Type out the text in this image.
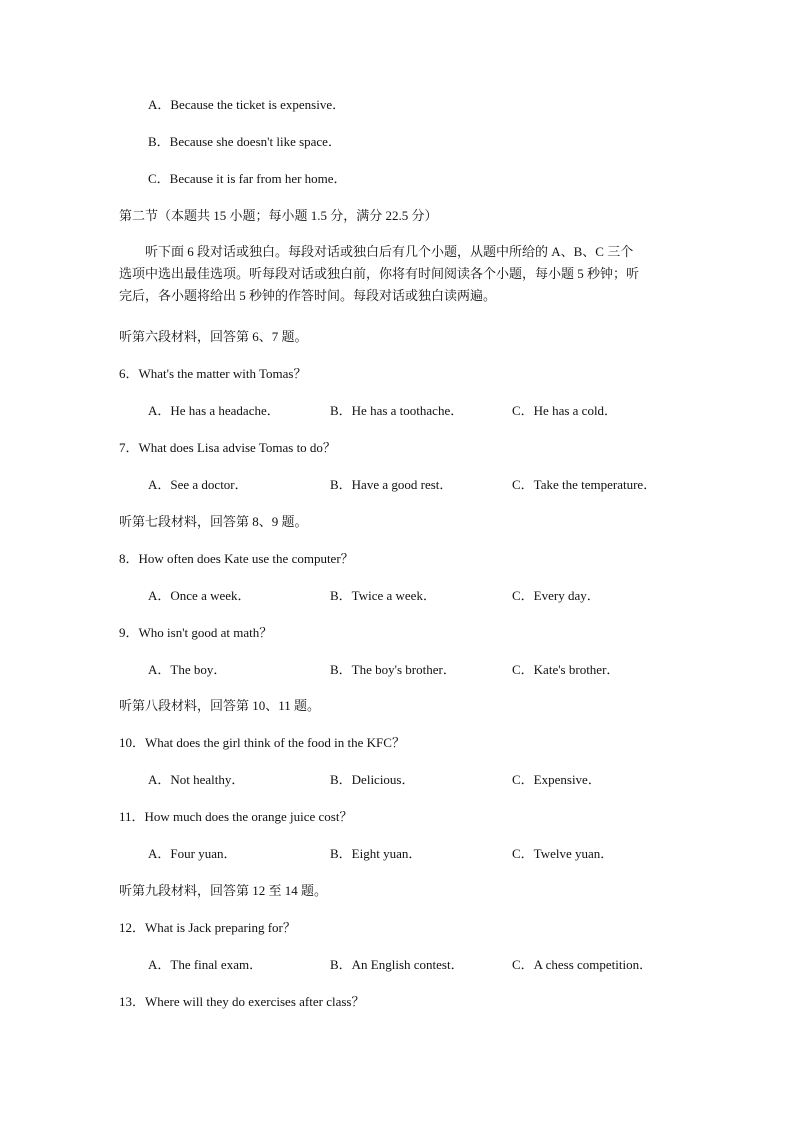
A．Because the ticket is expensive．
B．Because she doesn't like space．
C．Because it is far from her home．
第二节（本题共 15 小题；每小题 1.5 分，满分 22.5 分）
听下面 6 段对话或独白。每段对话或独白后有几个小题，从题中所给的 A、B、C 三个
选项中选出最佳选项。听每段对话或独白前，你将有时间阅读各个小题，每小题 5 秒钟；听
完后，各小题将给出 5 秒钟的作答时间。每段对话或独白读两遍。
听第六段材料，回答第 6、7 题。
6．What's the matter with Tomas？
A．He has a headache．	B．He has a toothache．	C．He has a cold．
7．What does Lisa advise Tomas to do？
A．See a doctor．	B．Have a good rest．	C．Take the temperature．
听第七段材料，回答第 8、9 题。
8．How often does Kate use the computer？
A．Once a week．	B．Twice a week．	C．Every day．
9．Who isn't good at math？
A．The boy．	B．The boy's brother．	C．Kate's brother．
听第八段材料，回答第 10、11 题。
10．What does the girl think of the food in the KFC？
A．Not healthy．	B．Delicious．	C．Expensive．
11．How much does the orange juice cost？
A．Four yuan．	B．Eight yuan．	C．Twelve yuan．
听第九段材料，回答第 12 至 14 题。
12．What is Jack preparing for？
A．The final exam．	B．An English contest．	C．A chess competition．
13．Where will they do exercises after class？
